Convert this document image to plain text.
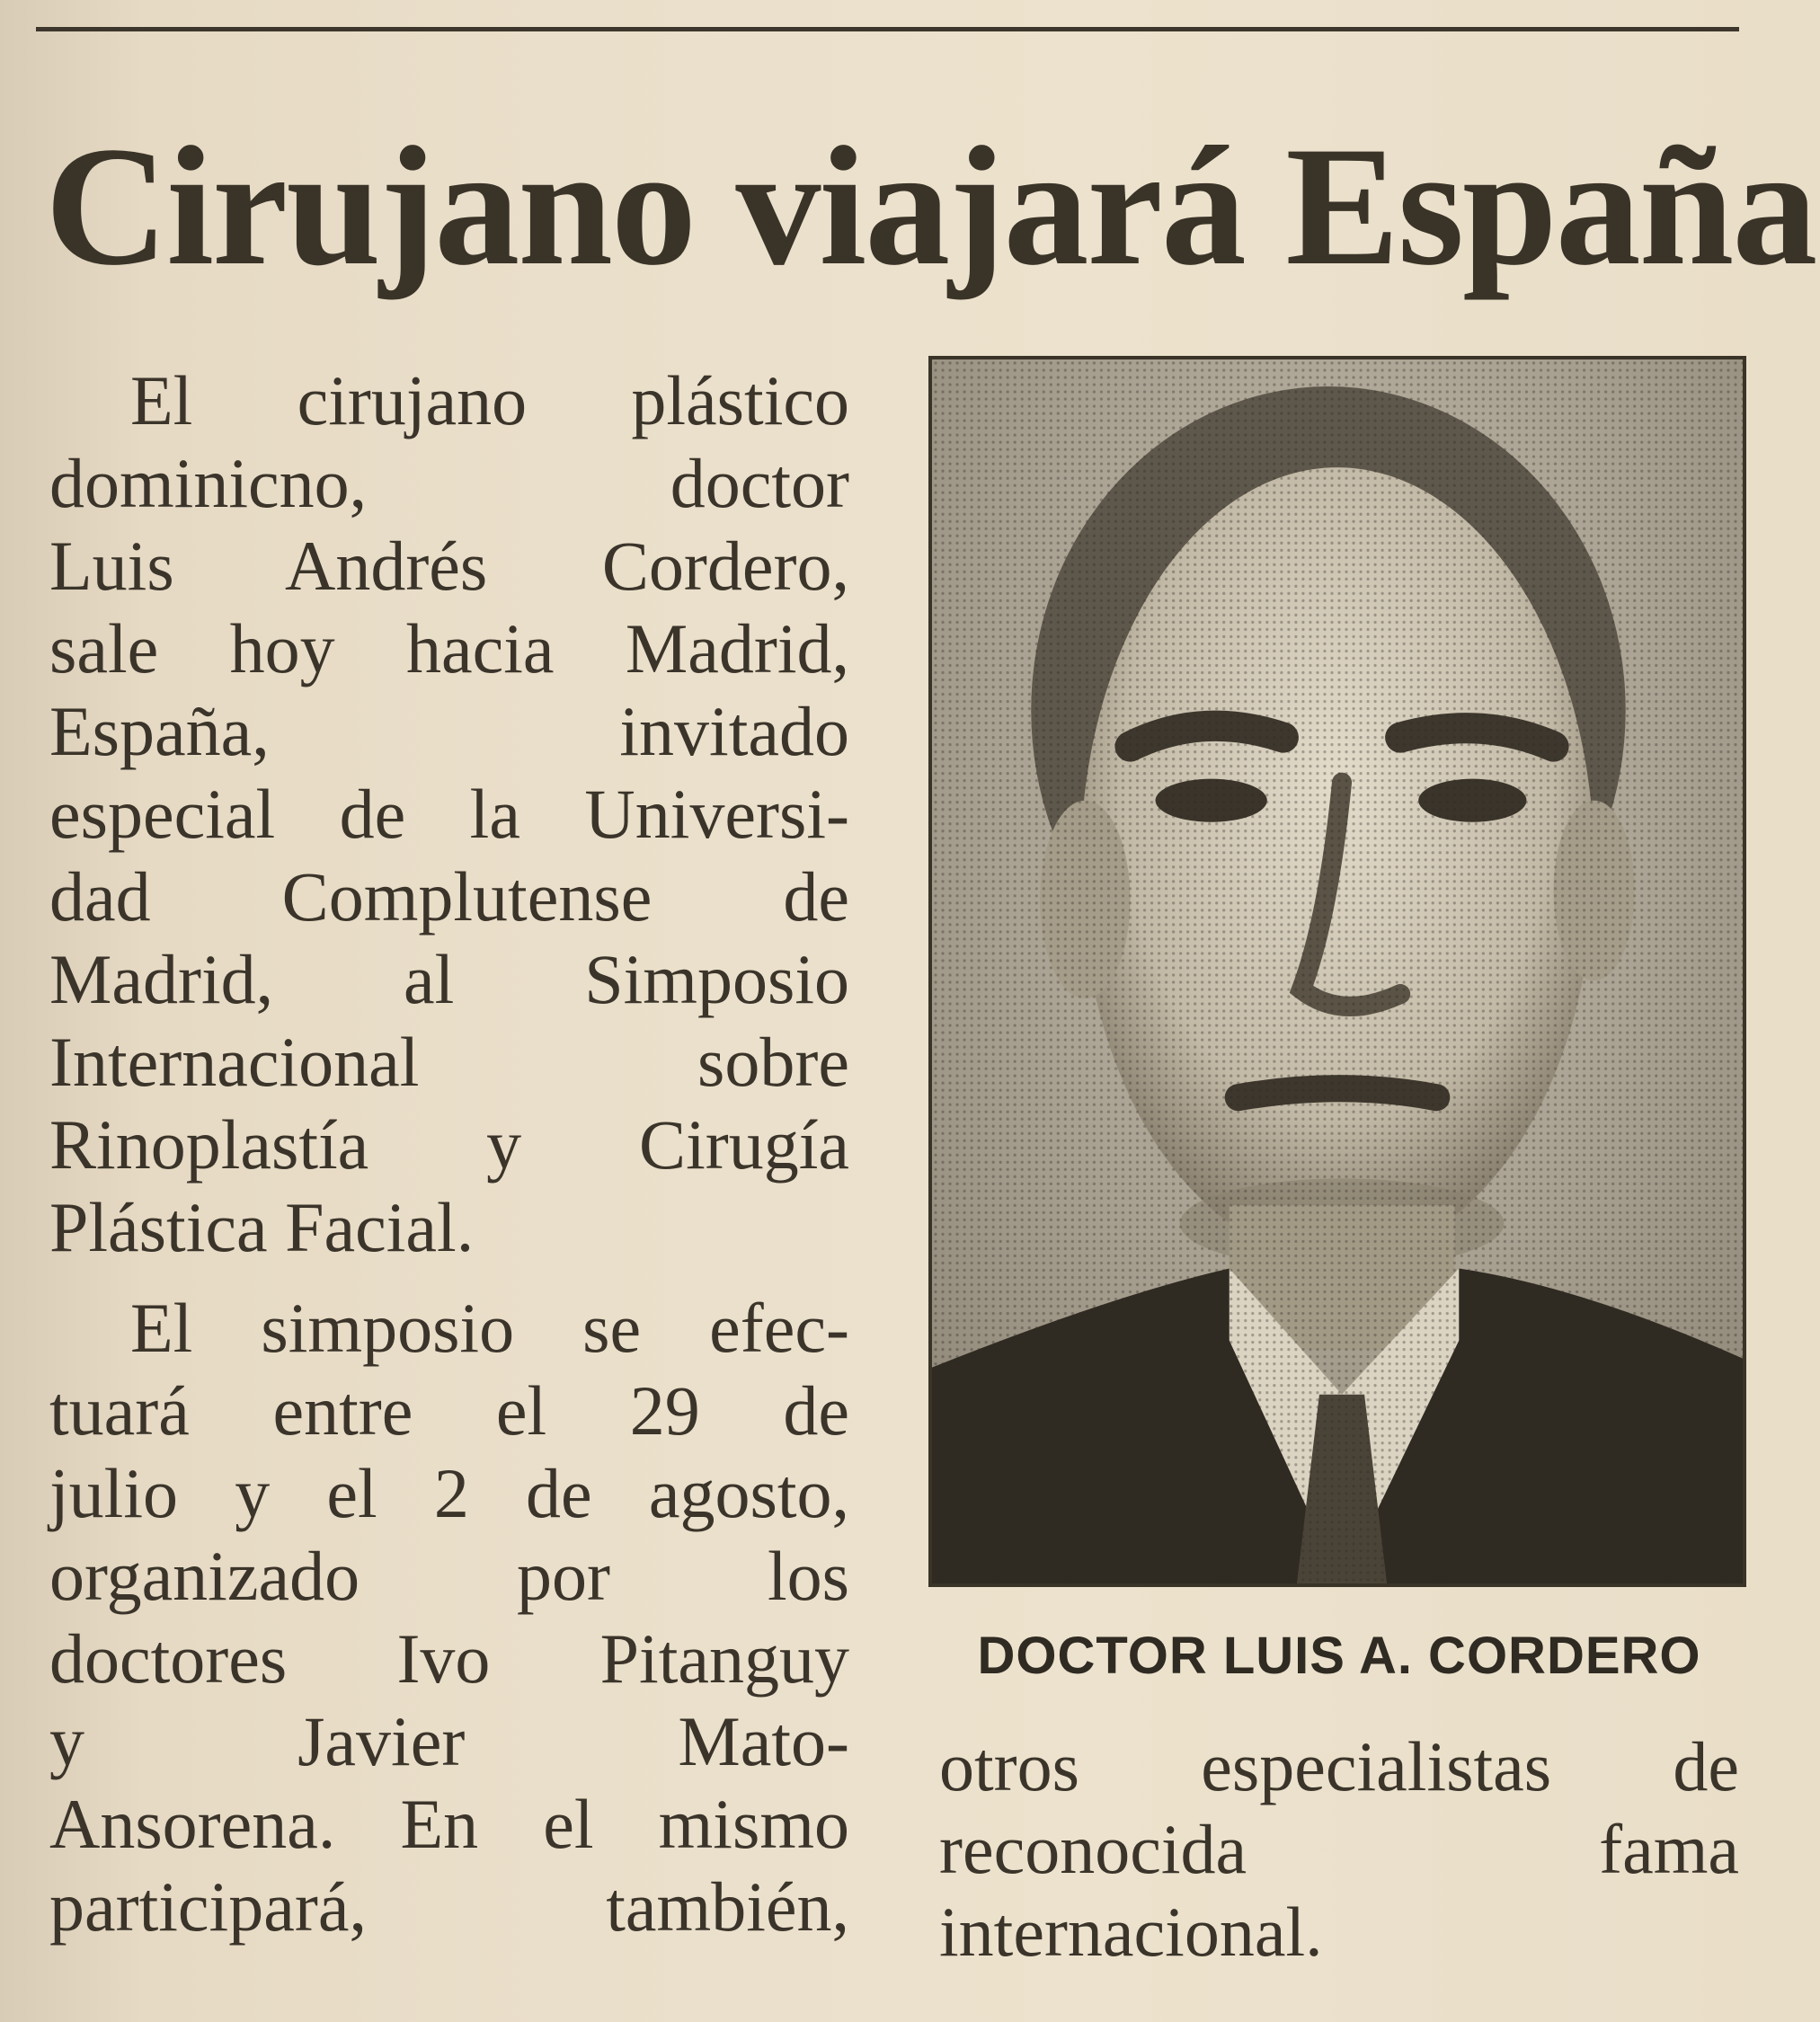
Cirujano viajará España
El cirujano plástico
dominicno, doctor
Luis Andrés Cordero,
sale hoy hacia Madrid,
España, invitado
especial de la Universi-
dad Complutense de
Madrid, al Simposio
Internacional sobre
Rinoplastía y Cirugía
Plástica Facial.
El simposio se efec-
tuará entre el 29 de
julio y el 2 de agosto,
organizado por los
doctores Ivo Pitanguy
y Javier Mato-
Ansorena. En el mismo
participará, también,
DOCTOR LUIS A. CORDERO
otros especialistas de
reconocida fama
internacional.
